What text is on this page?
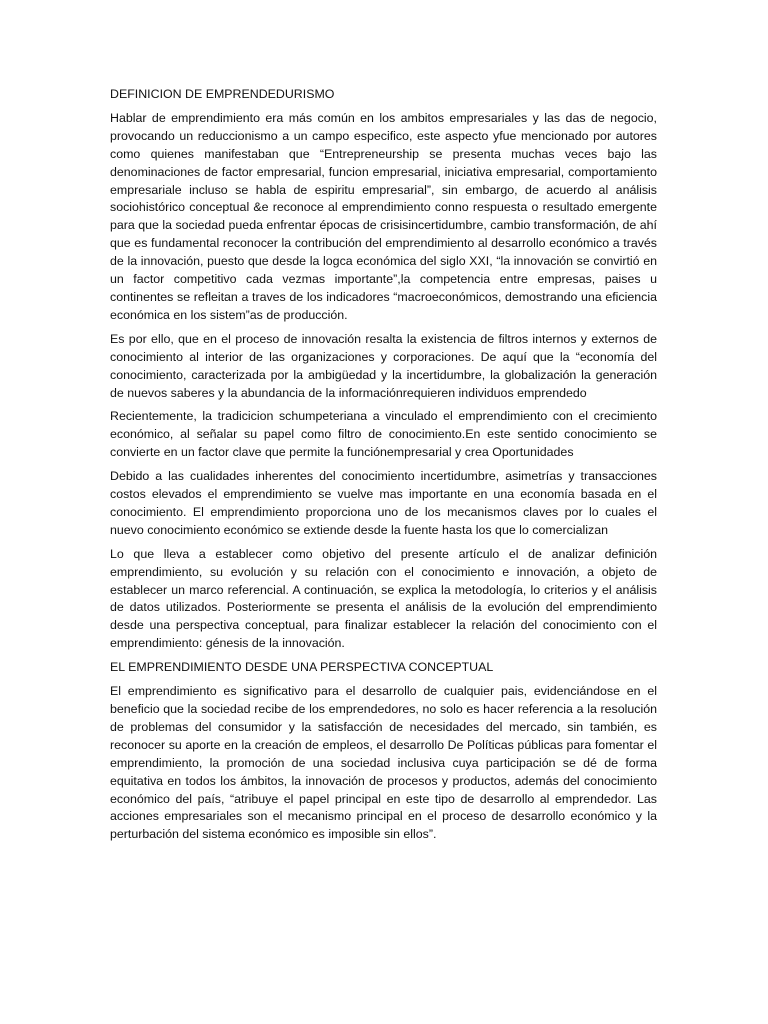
DEFINICION DE EMPRENDEDURISMO

Hablar de emprendimiento era más común en los ambitos empresariales y las das de negocio, provocando un reduccionismo a un campo especifico, este aspecto yfue mencionado por autores como quienes manifestaban que “Entrepreneurship se presenta muchas veces bajo las denominaciones de factor empresarial, funcion empresarial, iniciativa empresarial, comportamiento empresariale incluso se habla de espiritu empresarial”, sin embargo, de acuerdo al análisis sociohistórico conceptual &e reconoce al emprendimiento conno respuesta o resultado emergente para que la sociedad pueda enfrentar épocas de crisisincertidumbre, cambio transformación, de ahí que es fundamental reconocer la contribución del emprendimiento al desarrollo económico a través de la innovación, puesto que desde la logca económica del siglo XXI, “la innovación se convirtió en un factor competitivo cada vezmas importante”,la competencia entre empresas, paises u continentes se refleitan a traves de los indicadores “macroeconómicos, demostrando una eficiencia económica en los sistem”as de producción.

Es por ello, que en el proceso de innovación resalta la existencia de filtros internos y externos de conocimiento al interior de las organizaciones y corporaciones. De aquí que la “economía del conocimiento, caracterizada por la ambigüedad y la incertidumbre, la globalización la generación de nuevos saberes y la abundancia de la informaciónrequieren individuos emprendedo

Recientemente, la tradicicion schumpeteriana a vinculado el emprendimiento con el crecimiento económico, al señalar su papel como filtro de conocimiento.En este sentido conocimiento se convierte en un factor clave que permite la funciónempresarial y crea Oportunidades

Debido a las cualidades inherentes del conocimiento incertidumbre, asimetrías y transacciones costos elevados el emprendimiento se vuelve mas importante en una economía basada en el conocimiento. El emprendimiento proporciona uno de los mecanismos claves por lo cuales el nuevo conocimiento económico se extiende desde la fuente hasta los que lo comercializan

Lo que lleva a establecer como objetivo del presente artículo el de analizar definición emprendimiento, su evolución y su relación con el conocimiento e innovación, a objeto de establecer un marco referencial. A continuación, se explica la metodología, lo criterios y el análisis de datos utilizados. Posteriormente se presenta el análisis de la evolución del emprendimiento desde una perspectiva conceptual, para finalizar establecer la relación del conocimiento con el emprendimiento: génesis de la innovación.

EL EMPRENDIMIENTO DESDE UNA PERSPECTIVA CONCEPTUAL

El emprendimiento es significativo para el desarrollo de cualquier pais, evidenciándose en el beneficio que la sociedad recibe de los emprendedores, no solo es hacer referencia a la resolución de problemas del consumidor y la satisfacción de necesidades del mercado, sin también, es reconocer su aporte en la creación de empleos, el desarrollo De Políticas públicas para fomentar el emprendimiento, la promoción de una sociedad inclusiva cuya participación se dé de forma equitativa en todos los ámbitos, la innovación de procesos y productos, además del conocimiento económico del país, “atribuye el papel principal en este tipo de desarrollo al emprendedor. Las acciones empresariales son el mecanismo principal en el proceso de desarrollo económico y la perturbación del sistema económico es imposible sin ellos”.
